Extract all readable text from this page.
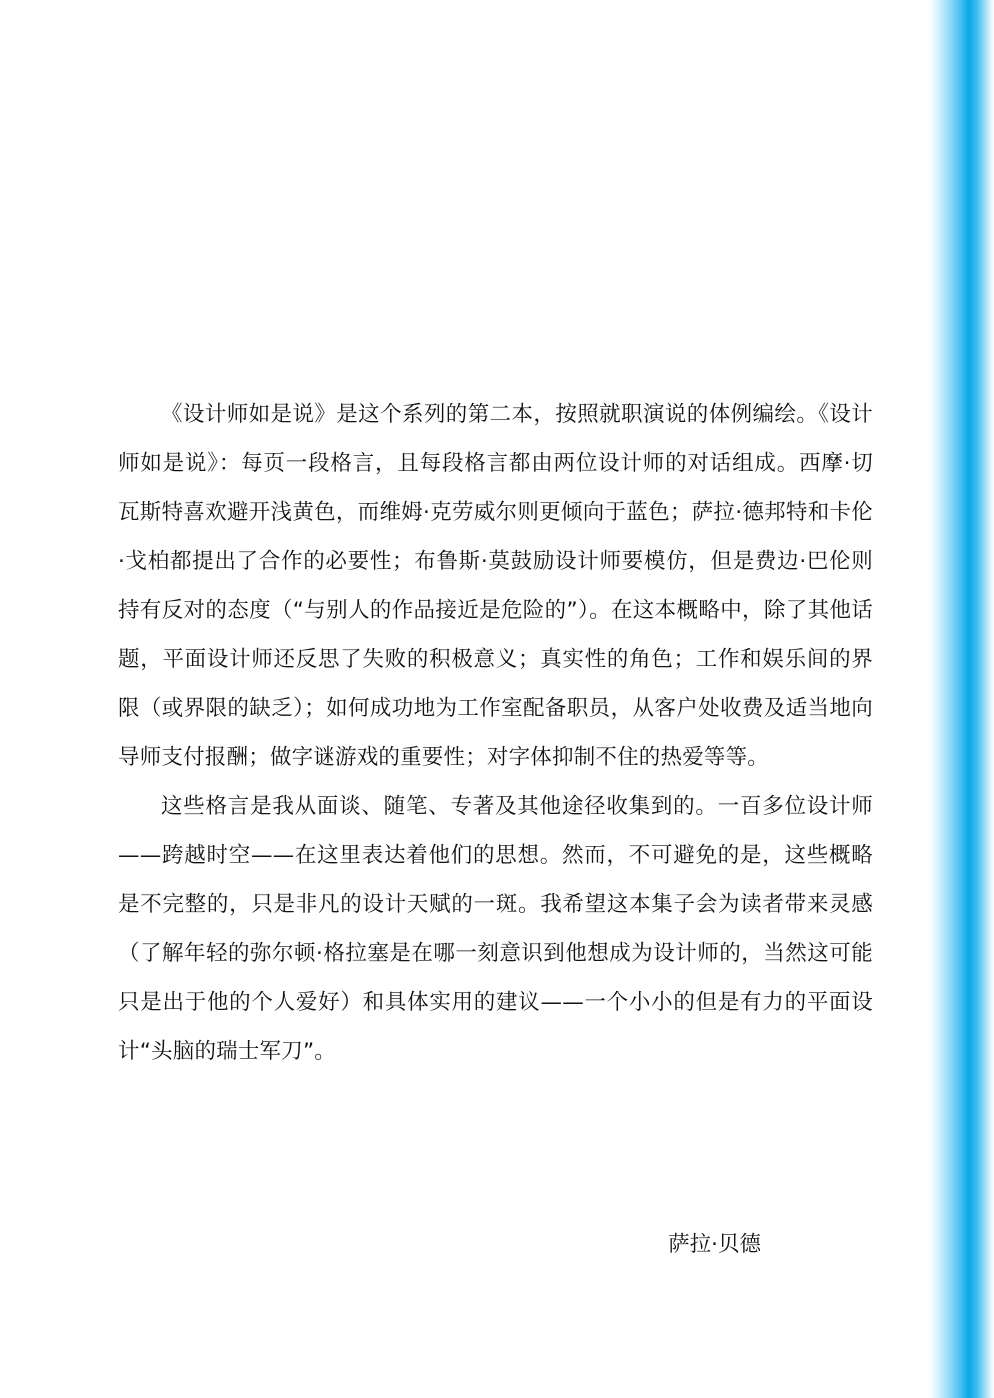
《设计师如是说》是这个系列的第二本，按照就职演说的体例编绘。《设计师如是说》：每页一段格言，且每段格言都由两位设计师的对话组成。西摩·切瓦斯特喜欢避开浅黄色，而维姆·克劳威尔则更倾向于蓝色；萨拉·德邦特和卡伦·戈柏都提出了合作的必要性；布鲁斯·莫鼓励设计师要模仿，但是费边·巴伦则持有反对的态度（“与别人的作品接近是危险的”）。在这本概略中，除了其他话题，平面设计师还反思了失败的积极意义；真实性的角色；工作和娱乐间的界限（或界限的缺乏）；如何成功地为工作室配备职员，从客户处收费及适当地向导师支付报酬；做字谜游戏的重要性；对字体抑制不住的热爱等等。

这些格言是我从面谈、随笔、专著及其他途径收集到的。一百多位设计师——跨越时空——在这里表达着他们的思想。然而，不可避免的是，这些概略是不完整的，只是非凡的设计天赋的一斑。我希望这本集子会为读者带来灵感（了解年轻的弥尔顿·格拉塞是在哪一刻意识到他想成为设计师的，当然这可能只是出于他的个人爱好）和具体实用的建议——一个小小的但是有力的平面设计“头脑的瑞士军刀”。

萨拉·贝德
